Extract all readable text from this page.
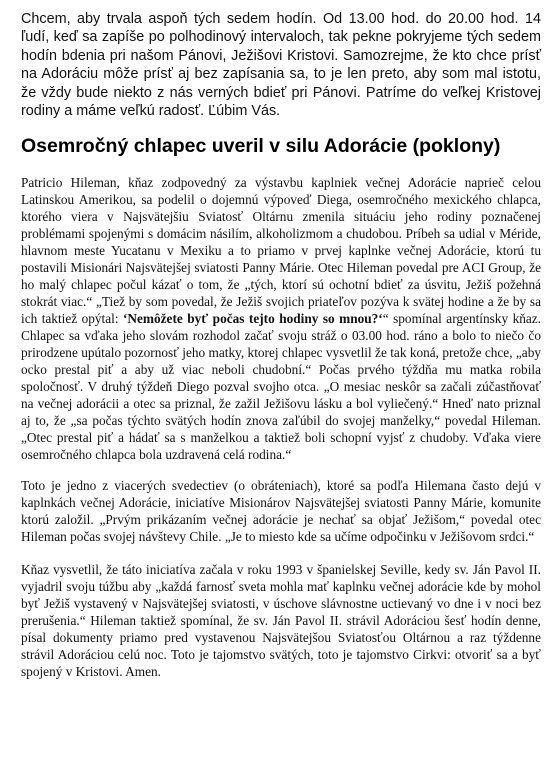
Chcem, aby trvala aspoň tých sedem hodín. Od 13.00 hod. do 20.00 hod. 14 ľudí, keď sa zapíše po polhodinový intervaloch, tak pekne pokryjeme tých sedem hodín bdenia pri našom Pánovi, Ježišovi Kristovi. Samozrejme, že kto chce prísť na Adoráciu môže prísť aj bez zapísania sa, to je len preto, aby som mal istotu, že vždy bude niekto z nás verných bdieť pri Pánovi. Patríme do veľkej Kristovej rodiny a máme veľkú radosť. Ľúbim Vás.

Osemročný chlapec uveril v silu Adorácie (poklony)

Patricio Hileman, kňaz zodpovedný za výstavbu kaplniek večnej Adorácie naprieč celou Latinskou Amerikou, sa podelil o dojemnú výpoveď Diega, osemročného mexického chlapca, ktorého viera v Najsvätejšiu Sviatosť Oltárnu zmenila situáciu jeho rodiny poznačenej problémami spojenými s domácim násilím, alkoholizmom a chudobou. Príbeh sa udial v Méride, hlavnom meste Yucatanu v Mexiku a to priamo v prvej kaplnke večnej Adorácie, ktorú tu postavili Misionári Najsvätejšej sviatosti Panny Márie. Otec Hileman povedal pre ACI Group, že ho malý chlapec počul kázať o tom, že „tých, ktorí sú ochotní bdieť za úsvitu, Ježiš požehná stokrát viac.“ „Tiež by som povedal, že Ježiš svojich priateľov pozýva k svätej hodine a že by sa ich taktiež opýtal: ‘Nemôžete byť počas tejto hodiny so mnou?‘“ spomínal argentínsky kňaz. Chlapec sa vďaka jeho slovám rozhodol začať svoju stráž o 03.00 hod. ráno a bolo to niečo čo prirodzene upútalo pozornosť jeho matky, ktorej chlapec vysvetlil že tak koná, pretože chce, „aby ocko prestal piť a aby už viac neboli chudobní.“ Počas prvého týždňa mu matka robila spoločnosť. V druhý týždeň Diego pozval svojho otca. „O mesiac neskôr sa začali zúčastňovať na večnej adorácii a otec sa priznal, že zažil Ježišovu lásku a bol vyliečený.“ Hneď nato priznal aj to, že „sa počas týchto svätých hodín znova zaľúbil do svojej manželky,“ povedal Hileman. „Otec prestal piť a hádať sa s manželkou a taktiež boli schopní vyjsť z chudoby. Vďaka viere osemročného chlapca bola uzdravená celá rodina.“

Toto je jedno z viacerých svedectiev (o obráteniach), ktoré sa podľa Hilemana často dejú v kaplnkách večnej Adorácie, iniciatíve Misionárov Najsvätejšej sviatosti Panny Márie, komunite ktorú založil. „Prvým prikázaním večnej adorácie je nechať sa objať Ježišom,“ povedal otec Hileman počas svojej návštevy Chile. „Je to miesto kde sa učíme odpočinku v Ježišovom srdci.“

Kňaz vysvetlil, že táto iniciatíva začala v roku 1993 v španielskej Seville, kedy sv. Ján Pavol II. vyjadril svoju túžbu aby „každá farnosť sveta mohla mať kaplnku večnej adorácie kde by mohol byť Ježiš vystavený v Najsvätejšej sviatosti, v úschove slávnostne uctievaný vo dne i v noci bez prerušenia.“ Hileman taktiež spomínal, že sv. Ján Pavol II. strávil Adoráciou šesť hodín denne, písal dokumenty priamo pred vystavenou Najsvätejšou Sviatosťou Oltárnou a raz týždenne strávil Adoráciou celú noc. Toto je tajomstvo svätých, toto je tajomstvo Cirkvi: otvoriť sa a byť spojený v Kristovi. Amen.
